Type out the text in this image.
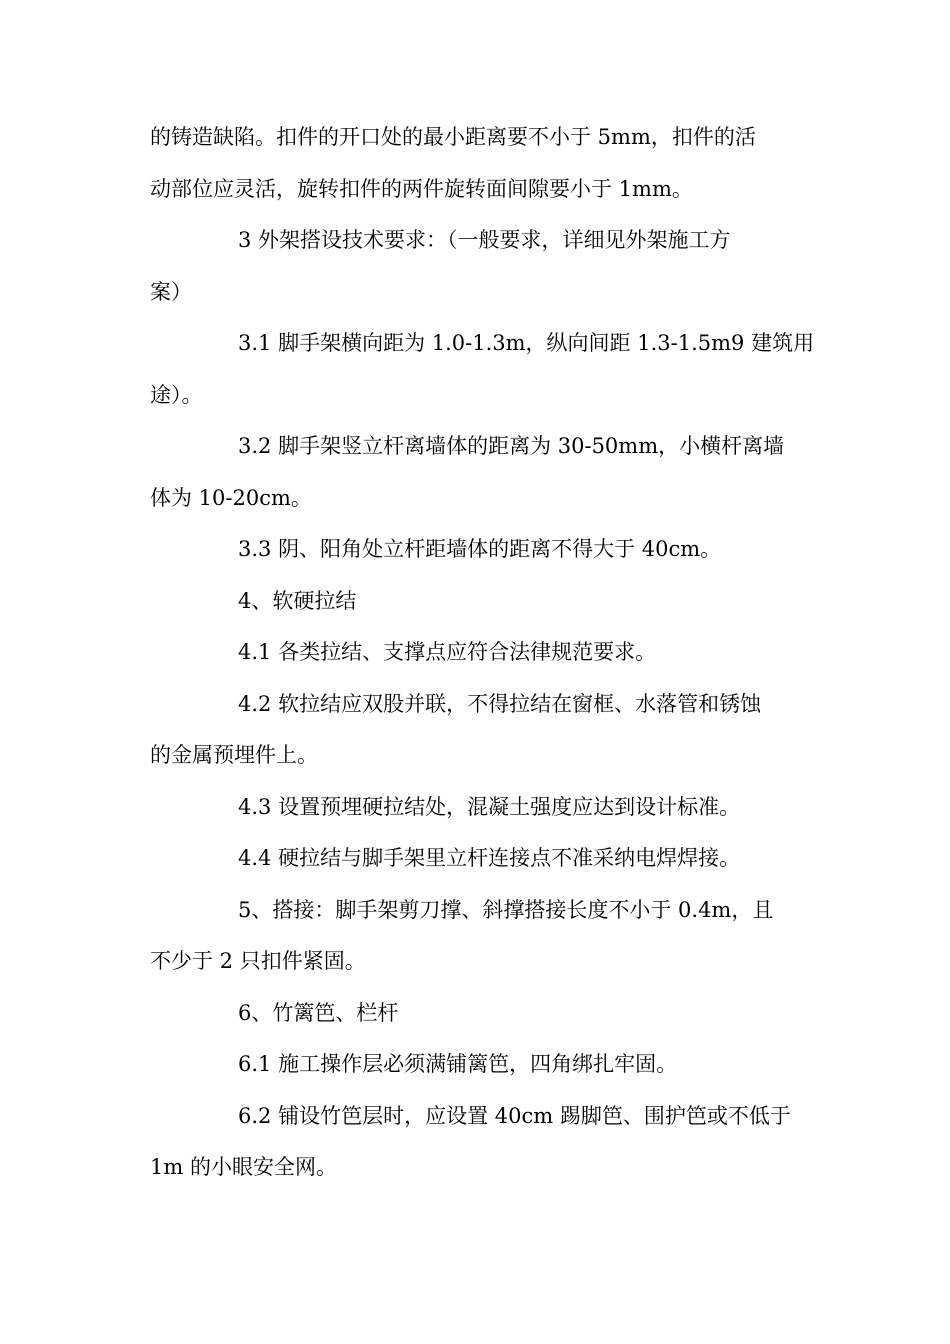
的铸造缺陷。扣件的开口处的最小距离要不小于 5mm，扣件的活
动部位应灵活，旋转扣件的两件旋转面间隙要小于 1mm。
3 外架搭设技术要求：（一般要求，详细见外架施工方
案）
3.1 脚手架横向距为 1.0-1.3m，纵向间距 1.3-1.5m9 建筑用
途）。
3.2 脚手架竖立杆离墙体的距离为 30-50mm，小横杆离墙
体为 10-20cm。
3.3 阴、阳角处立杆距墙体的距离不得大于 40cm。
4、软硬拉结
4.1 各类拉结、支撑点应符合法律规范要求。
4.2 软拉结应双股并联，不得拉结在窗框、水落管和锈蚀
的金属预埋件上。
4.3 设置预埋硬拉结处，混凝土强度应达到设计标准。
4.4 硬拉结与脚手架里立杆连接点不准采纳电焊焊接。
5、搭接：脚手架剪刀撑、斜撑搭接长度不小于 0.4m，且
不少于 2 只扣件紧固。
6、竹篱笆、栏杆
6.1 施工操作层必须满铺篱笆，四角绑扎牢固。
6.2 铺设竹笆层时，应设置 40cm 踢脚笆、围护笆或不低于
1m 的小眼安全网。
